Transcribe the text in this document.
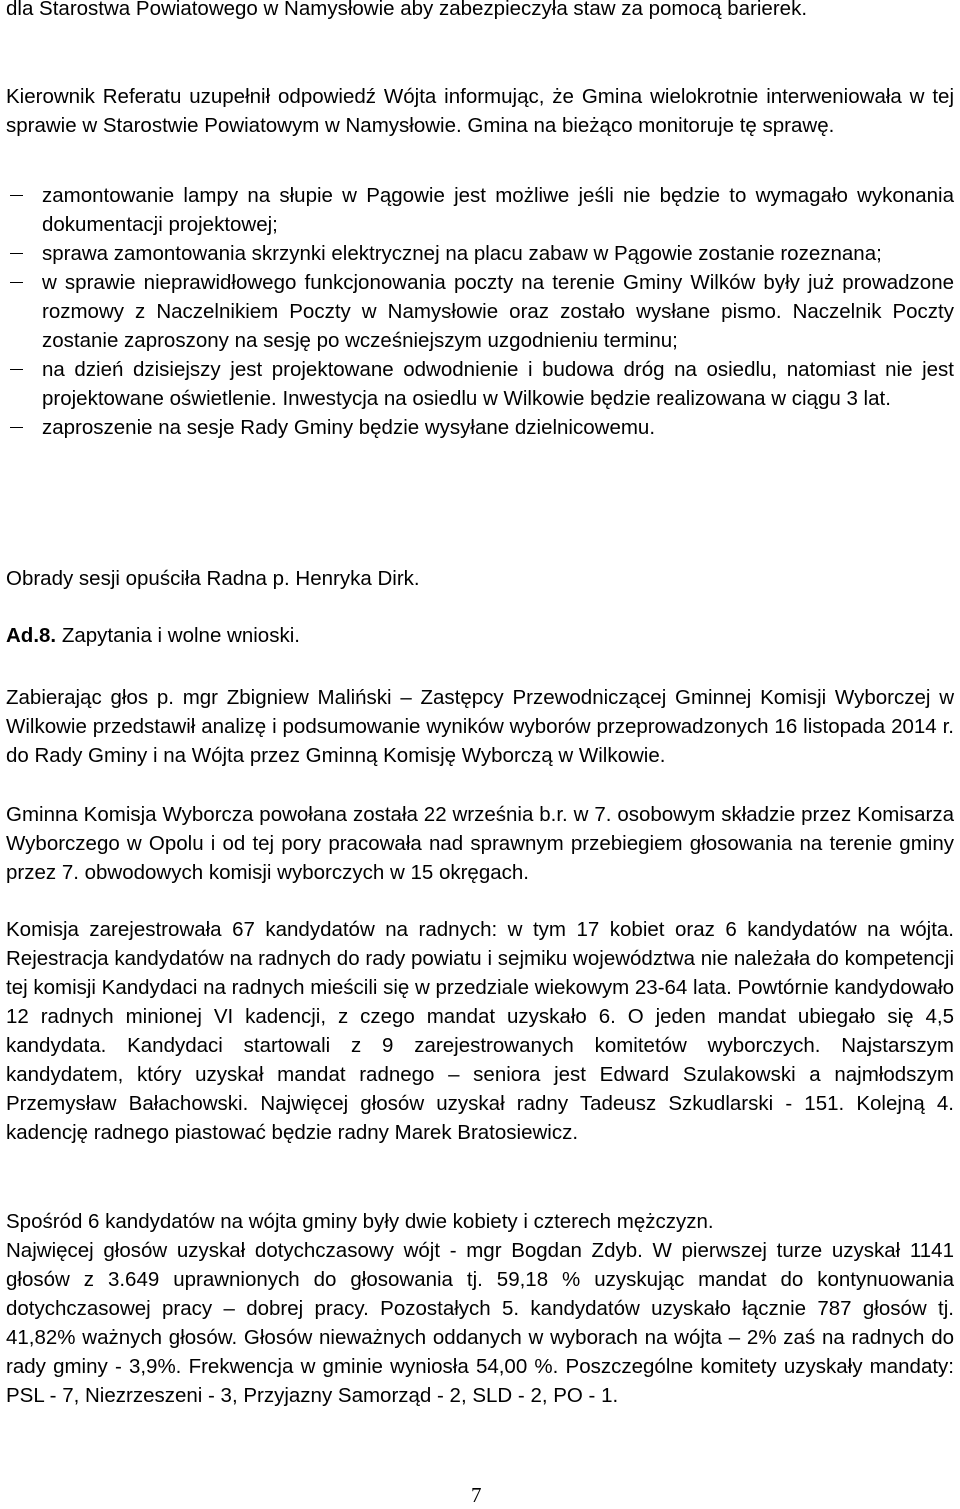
dla Starostwa Powiatowego w Namysłowie aby zabezpieczyła staw za pomocą barierek.

Kierownik Referatu uzupełnił odpowiedź Wójta informując, że Gmina wielokrotnie interweniowała w tej sprawie w Starostwie Powiatowym w Namysłowie. Gmina na bieżąco monitoruje tę sprawę.

zamontowanie lampy na słupie w Pągowie jest możliwe jeśli nie będzie to wymagało wykonania dokumentacji projektowej;
sprawa zamontowania skrzynki elektrycznej na placu zabaw w Pągowie zostanie rozeznana;
w sprawie nieprawidłowego funkcjonowania poczty na terenie Gminy Wilków były już prowadzone rozmowy z Naczelnikiem Poczty w Namysłowie oraz zostało wysłane pismo. Naczelnik Poczty zostanie zaproszony na sesję po wcześniejszym uzgodnieniu terminu;
na dzień dzisiejszy jest projektowane odwodnienie i budowa dróg na osiedlu, natomiast nie jest projektowane oświetlenie. Inwestycja na osiedlu w Wilkowie będzie realizowana w ciągu 3 lat.
zaproszenie na sesje Rady Gminy będzie wysyłane dzielnicowemu.

Obrady sesji opuściła Radna p. Henryka Dirk.

Ad.8. Zapytania i wolne wnioski.

Zabierając głos p. mgr Zbigniew Maliński – Zastępcy Przewodniczącej Gminnej Komisji Wyborczej w Wilkowie przedstawił analizę i podsumowanie wyników wyborów przeprowadzonych 16 listopada 2014 r. do Rady Gminy i na Wójta przez Gminną Komisję Wyborczą w Wilkowie.

Gminna Komisja Wyborcza powołana została 22 września b.r. w 7. osobowym składzie przez Komisarza Wyborczego w Opolu i od tej pory pracowała nad sprawnym przebiegiem głosowania na terenie gminy przez 7. obwodowych komisji wyborczych w 15 okręgach.

Komisja zarejestrowała 67 kandydatów na radnych: w tym 17 kobiet oraz 6 kandydatów na wójta. Rejestracja kandydatów na radnych do rady powiatu i sejmiku województwa nie należała do kompetencji tej komisji Kandydaci na radnych mieścili się w przedziale wiekowym 23-64 lata. Powtórnie kandydowało 12 radnych minionej VI kadencji, z czego mandat uzyskało 6. O jeden mandat ubiegało się 4,5 kandydata. Kandydaci startowali z 9 zarejestrowanych komitetów wyborczych. Najstarszym kandydatem, który uzyskał mandat radnego – seniora jest Edward Szulakowski a najmłodszym Przemysław Bałachowski. Najwięcej głosów uzyskał radny Tadeusz Szkudlarski - 151. Kolejną 4. kadencję radnego piastować będzie radny Marek Bratosiewicz.

Spośród 6 kandydatów na wójta gminy były dwie kobiety i czterech mężczyzn.

Najwięcej głosów uzyskał dotychczasowy wójt - mgr Bogdan Zdyb. W pierwszej turze uzyskał 1141 głosów z 3.649 uprawnionych do głosowania tj. 59,18 % uzyskując mandat do kontynuowania dotychczasowej pracy – dobrej pracy. Pozostałych 5. kandydatów uzyskało łącznie 787 głosów tj. 41,82% ważnych głosów. Głosów nieważnych oddanych w wyborach na wójta – 2% zaś na radnych do rady gminy - 3,9%. Frekwencja w gminie wyniosła 54,00 %. Poszczególne komitety uzyskały mandaty: PSL - 7, Niezrzeszeni - 3, Przyjazny Samorząd - 2, SLD - 2, PO - 1.

7
